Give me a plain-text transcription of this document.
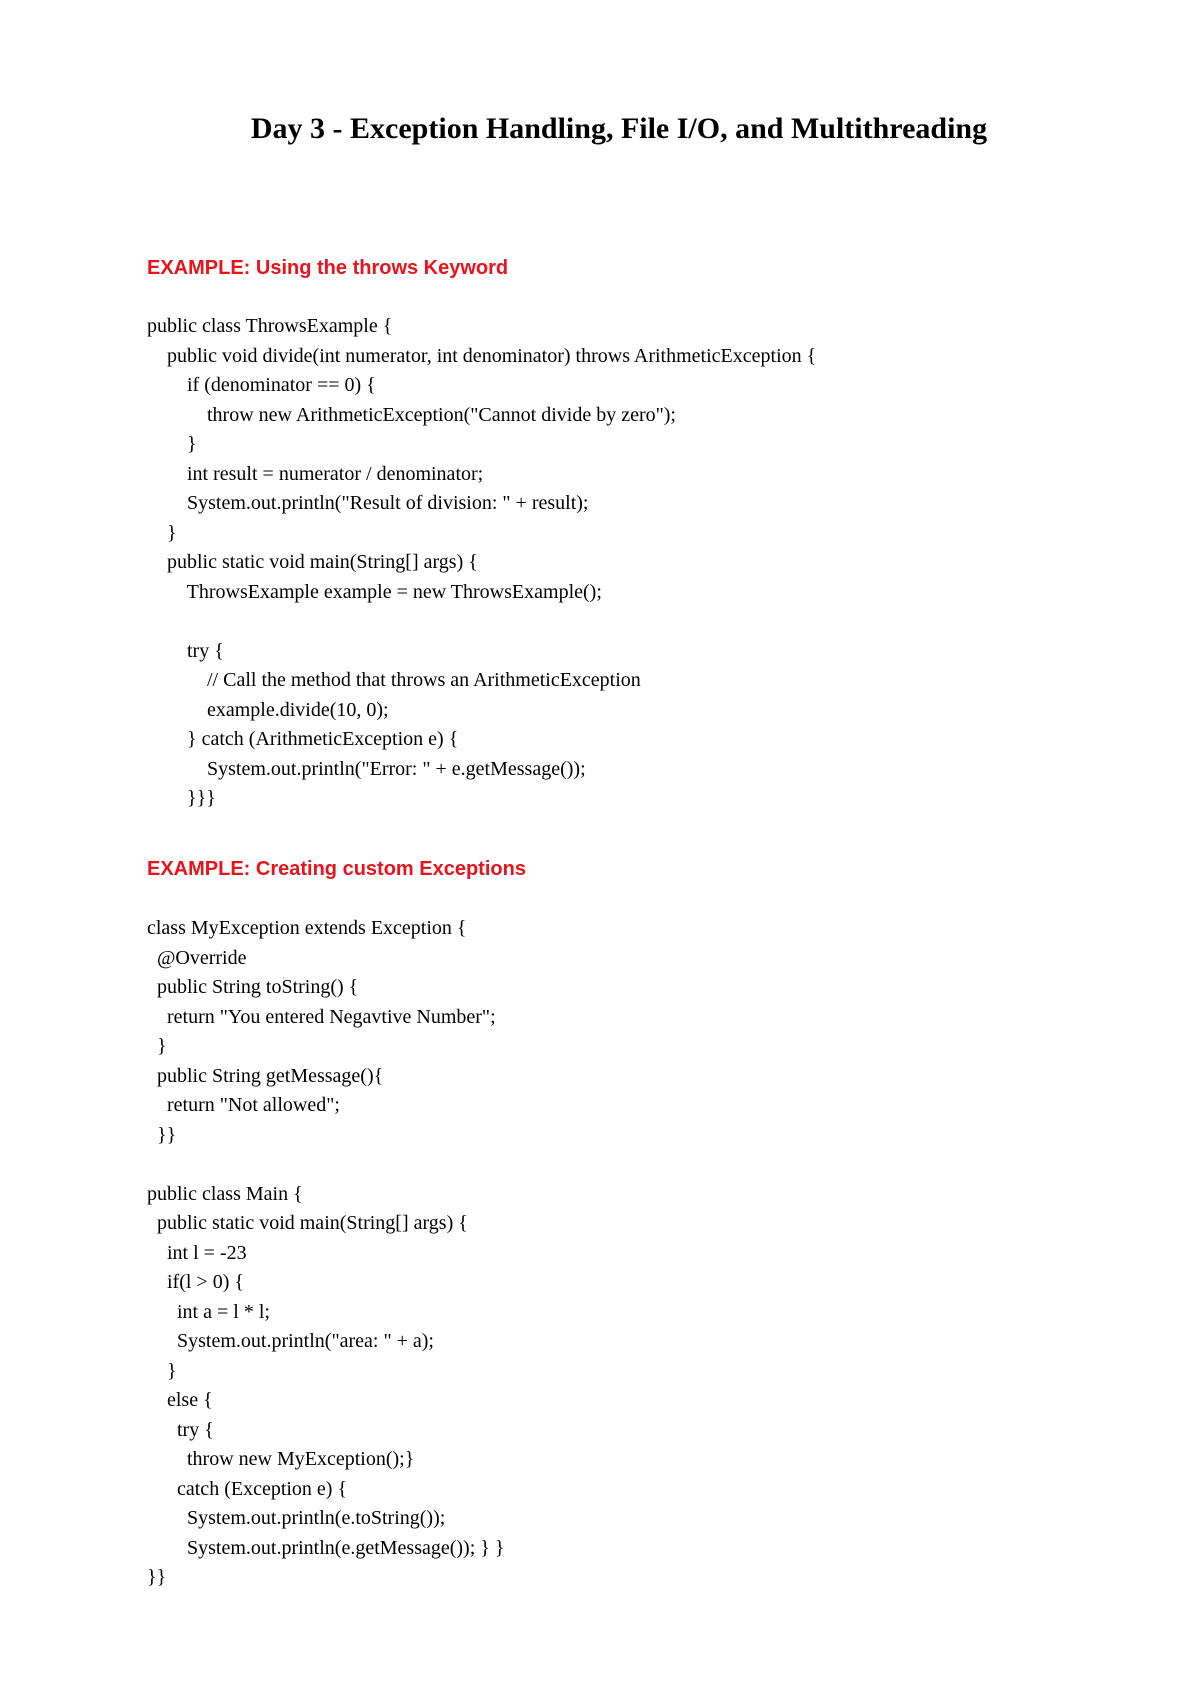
Day 3 - Exception Handling, File I/O, and Multithreading
EXAMPLE: Using the throws Keyword
public class ThrowsExample {
public void divide(int numerator, int denominator) throws ArithmeticException {
if (denominator == 0) {
throw new ArithmeticException("Cannot divide by zero");
}
int result = numerator / denominator;
System.out.println("Result of division: " + result);
}
public static void main(String[] args) {
ThrowsExample example = new ThrowsExample();
try {
// Call the method that throws an ArithmeticException
example.divide(10, 0);
} catch (ArithmeticException e) {
System.out.println("Error: " + e.getMessage());
}}}
EXAMPLE: Creating custom Exceptions
class MyException extends Exception {
@Override
public String toString() {
return "You entered Negavtive Number";
}
public String getMessage(){
return "Not allowed";
}}
public class Main {
public static void main(String[] args) {
int l = -23
if(l > 0) {
int a = l * l;
System.out.println("area: " + a);
}
else {
try {
throw new MyException();}
catch (Exception e) {
System.out.println(e.toString());
System.out.println(e.getMessage()); } }
}}
